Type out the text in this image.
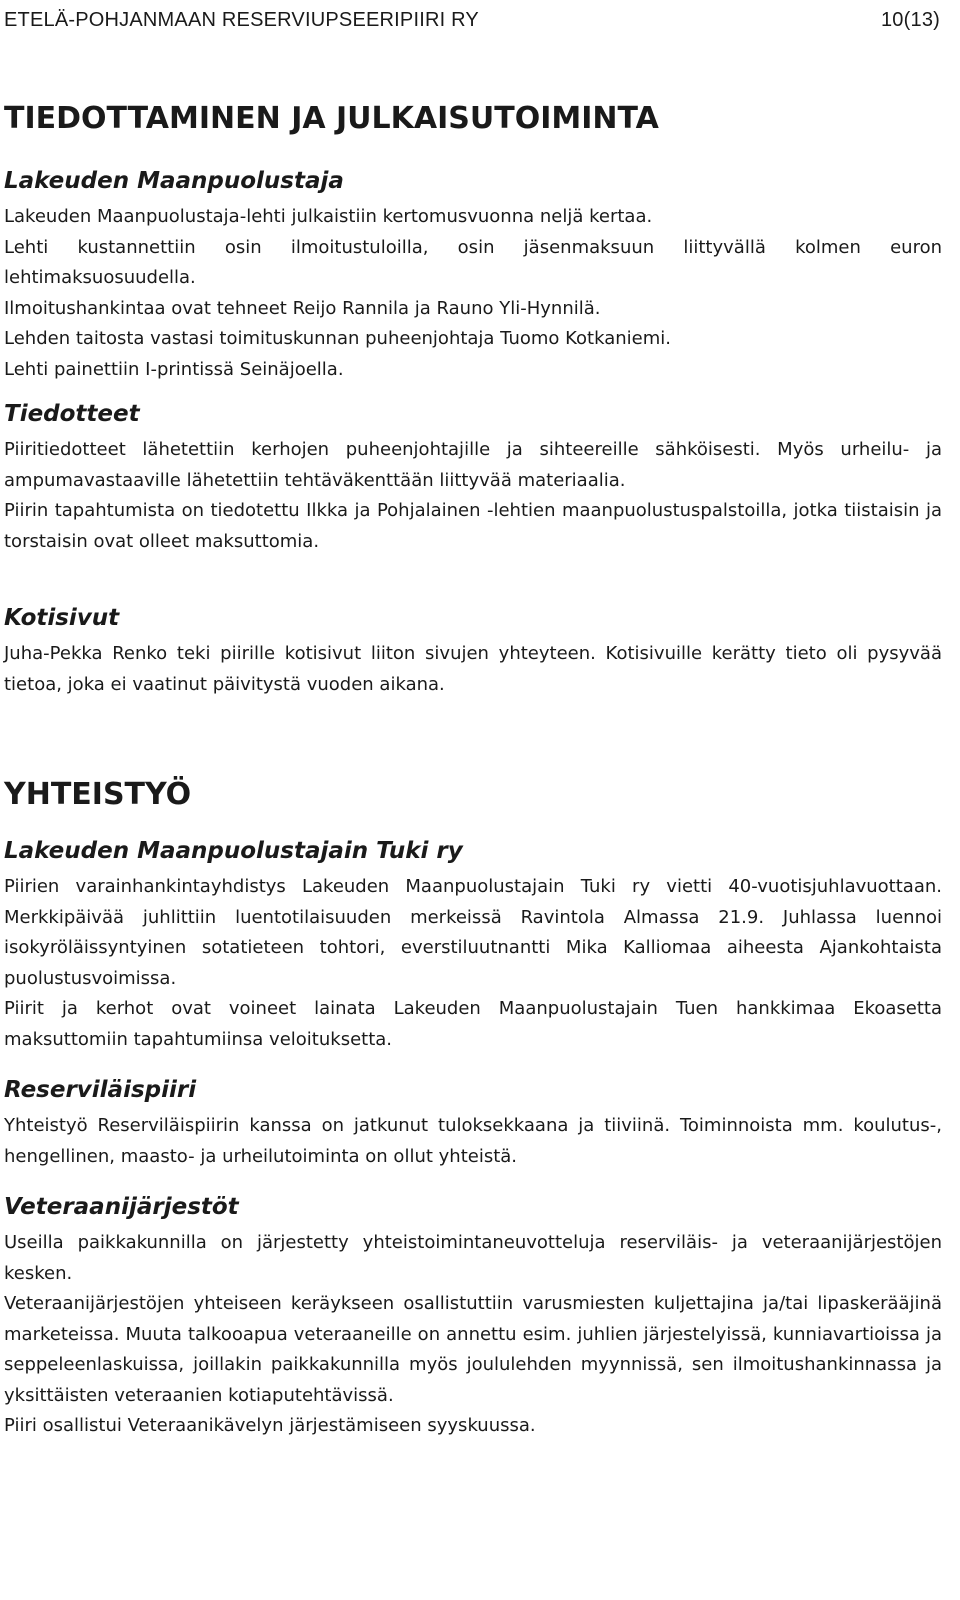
ETELÄ-POHJANMAAN RESERVIUPSEERIPIIRI RY	10(13)
TIEDOTTAMINEN JA JULKAISUTOIMINTA
Lakeuden Maanpuolustaja

Lakeuden Maanpuolustaja-lehti julkaistiin kertomusvuonna neljä kertaa.

Lehti kustannettiin osin ilmoitustuloilla, osin jäsenmaksuun liittyvällä kolmen euron lehtimaksuosuudella.

Ilmoitushankintaa ovat tehneet Reijo Rannila ja Rauno Yli-Hynnilä.

Lehden taitosta vastasi toimituskunnan puheenjohtaja Tuomo Kotkaniemi.

Lehti painettiin I-printissä Seinäjoella.

Tiedotteet

Piiritiedotteet lähetettiin kerhojen puheenjohtajille ja sihteereille sähköisesti. Myös urheilu- ja ampumavastaaville lähetettiin tehtäväkenttään liittyvää materiaalia.

Piirin tapahtumista on tiedotettu Ilkka ja Pohjalainen -lehtien maanpuolustuspalstoilla, jotka tiistaisin ja torstaisin ovat olleet maksuttomia.

Kotisivut

Juha-Pekka Renko teki piirille kotisivut liiton sivujen yhteyteen. Kotisivuille kerätty tieto oli pysyvää tietoa, joka ei vaatinut päivitystä vuoden aikana.

YHTEISTYÖ
Lakeuden Maanpuolustajain Tuki ry

Piirien varainhankintayhdistys Lakeuden Maanpuolustajain Tuki ry vietti 40-vuotisjuhlavuottaan. Merkkipäivää juhlittiin luentotilaisuuden merkeissä Ravintola Almassa 21.9. Juhlassa luennoi isokyröläissyntyinen sotatieteen tohtori, everstiluutnantti Mika Kalliomaa aiheesta Ajankohtaista puolustusvoimissa.

Piirit ja kerhot ovat voineet lainata Lakeuden Maanpuolustajain Tuen hankkimaa Ekoasetta maksuttomiin tapahtumiinsa veloituksetta.

Reserviläispiiri

Yhteistyö Reserviläispiirin kanssa on jatkunut tuloksekkaana ja tiiviinä. Toiminnoista mm. koulutus-, hengellinen, maasto- ja urheilutoiminta on ollut yhteistä.

Veteraanijärjestöt

Useilla paikkakunnilla on järjestetty yhteistoimintaneuvotteluja reserviläis- ja veteraanijärjestöjen kesken.

Veteraanijärjestöjen yhteiseen keräykseen osallistuttiin varusmiesten kuljettajina ja/tai lipaskerääjinä marketeissa. Muuta talkooapua veteraaneille on annettu esim. juhlien järjestelyissä, kunniavartioissa ja seppeleenlaskuissa, joillakin paikkakunnilla myös joululehden myynnissä, sen ilmoitushankinnassa ja yksittäisten veteraanien kotiaputehtävissä.

Piiri osallistui Veteraanikävelyn järjestämiseen syyskuussa.
